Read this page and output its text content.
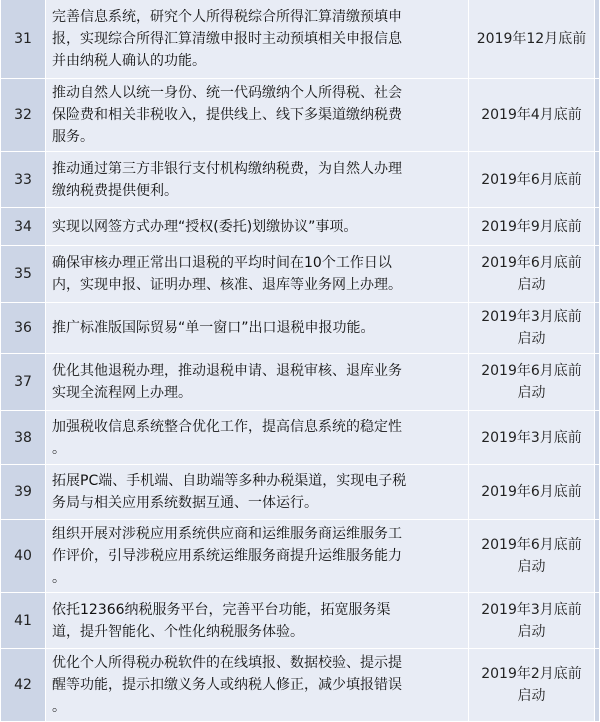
31	完善信息系统，研究个人所得税综合所得汇算清缴预填申
报，实现综合所得汇算清缴申报时主动预填相关申报信息
并由纳税人确认的功能。	2019年12月底前	

32	推动自然人以统一身份、统一代码缴纳个人所得税、社会
保险费和相关非税收入，提供线上、线下多渠道缴纳税费
服务。	2019年4月底前	

33	推动通过第三方非银行支付机构缴纳税费，为自然人办理
缴纳税费提供便利。	2019年6月底前	

34	实现以网签方式办理“授权(委托)划缴协议”事项。	2019年9月底前	

35	确保审核办理正常出口退税的平均时间在10个工作日以
内，实现申报、证明办理、核准、退库等业务网上办理。	2019年6月底前
启动	

36	推广标准版国际贸易“单一窗口”出口退税申报功能。	2019年3月底前
启动	

37	优化其他退税办理，推动退税申请、退税审核、退库业务
实现全流程网上办理。	2019年6月底前
启动	

38	加强税收信息系统整合优化工作，提高信息系统的稳定性
。	2019年3月底前	

39	拓展PC端、手机端、自助端等多种办税渠道，实现电子税
务局与相关应用系统数据互通、一体运行。	2019年6月底前	

40	组织开展对涉税应用系统供应商和运维服务商运维服务工
作评价，引导涉税应用系统运维服务商提升运维服务能力
。	2019年6月底前
启动	

41	依托12366纳税服务平台，完善平台功能，拓宽服务渠
道，提升智能化、个性化纳税服务体验。	2019年3月底前
启动	

42	优化个人所得税办税软件的在线填报、数据校验、提示提
醒等功能，提示扣缴义务人或纳税人修正，减少填报错误
。	2019年2月底前
启动	
